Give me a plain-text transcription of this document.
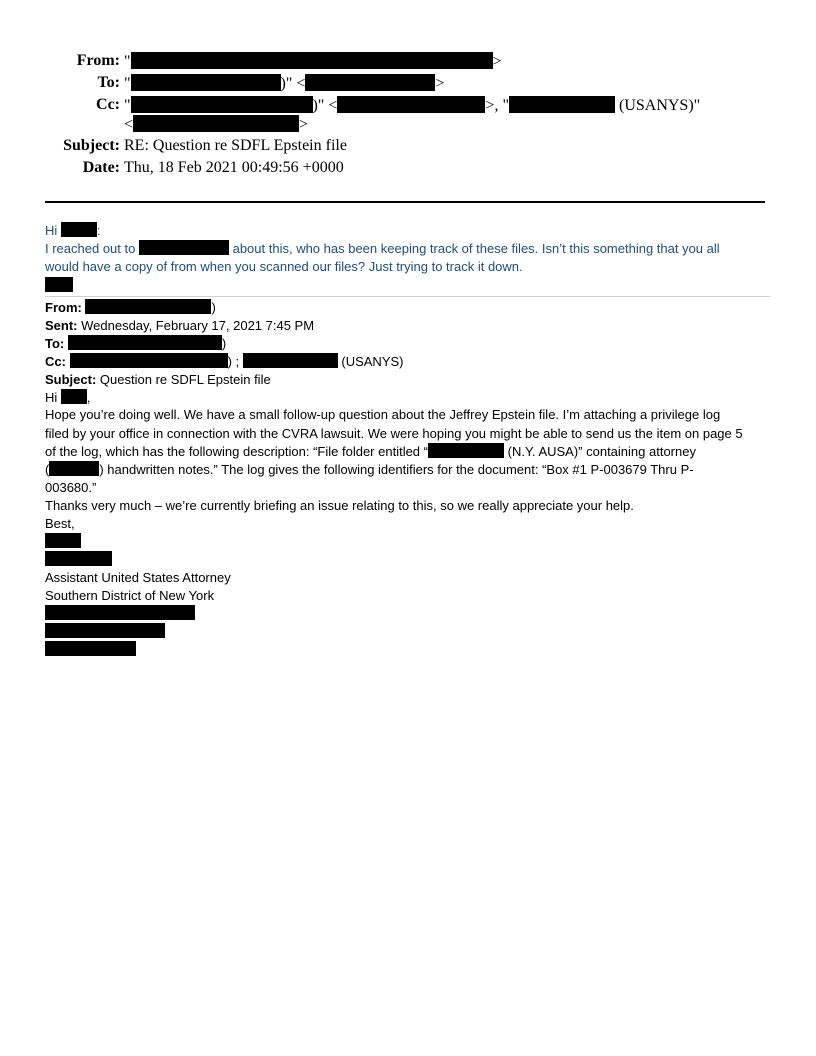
From: "	>
To: "	)" <	>
Cc: "	)" <	>, "	(USANYS)"
<	>
Subject: RE: Question re SDFL Epstein file
Date: Thu, 18 Feb 2021 00:49:56 +0000
Hi	:
I reached out to	about this, who has been keeping track of these files. Isn’t this something that you all
would have a copy of from when you scanned our files? Just trying to track it down.
From:	)
Sent: Wednesday, February 17, 2021 7:45 PM
To:	)
Cc:	) ;	(USANYS)
Subject: Question re SDFL Epstein file
Hi ,
Hope you’re doing well. We have a small follow-up question about the Jeffrey Epstein file. I’m attaching a privilege log
filed by your office in connection with the CVRA lawsuit. We were hoping you might be able to send us the item on page 5
of the log, which has the following description: “File folder entitled “	(N.Y. AUSA)” containing attorney
(	) handwritten notes.” The log gives the following identifiers for the document: “Box #1 P-003679 Thru P-
003680.”
Thanks very much – we’re currently briefing an issue relating to this, so we really appreciate your help.
Best,
Assistant United States Attorney
Southern District of New York
